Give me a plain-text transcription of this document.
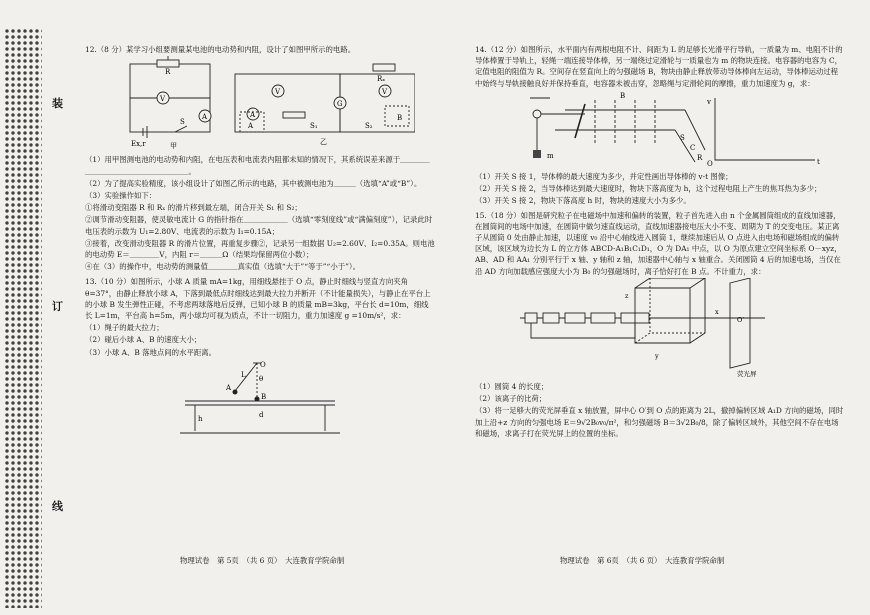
装
订
线

12.（8 分）某学习小组要测量某电池的电动势和内阻，设计了如图甲所示的电路。

R
V
A
Ex,r
S
甲
V
G
V
A
A
B
S₁	S₂
Rₓ
乙

（1）用甲图测电池的电动势和内阻，在电压表和电流表内阻都未知的情况下，其系统误差来源于＿＿＿＿＿＿＿＿＿＿＿＿＿＿＿＿＿＿。

（2）为了提高实验精度，该小组设计了如图乙所示的电路，其中被测电池为＿＿＿（选填“A”或“B”）。

（3）实验操作如下：

①将滑动变阻器 R 和 Rₓ 的滑片移到最左端，闭合开关 S₁ 和 S₂；

②调节滑动变阻器，使灵敏电流计 G 的指针指在＿＿＿＿＿＿（选填“零刻度线”或“满偏刻度”），记录此时电压表的示数为 U₁=2.80V、电流表的示数为 I₁=0.15A；

③接着，改变滑动变阻器 R 的滑片位置，再重复步骤②，记录另一组数据 U₂=2.60V、I₂=0.35A。则电池的电动势 E＝＿＿＿＿V，内阻 r＝＿＿＿Ω（结果均保留两位小数）；

④在（3）的操作中，电动势的测量值＿＿＿＿真实值（选填“大于”“等于”“小于”）。

13.（10 分）如图所示，小球 A 质量 mA=1kg，用细线悬挂于 O 点，静止时细线与竖直方向夹角 θ=37°，由静止释放小球 A，下落到最低点时细线达到最大拉力并断开（不计能量损失），与静止在平台上的小球 B 发生弹性正碰，不考虑两球落地后反弹，已知小球 B 的质量 mB=3kg，平台长 d=10m，细线长 L=1m，平台高 h=5m，两小球均可视为质点，不计一切阻力，重力加速度 g =10m/s²，求：

（1）绳子的最大拉力；

（2）碰后小球 A、B 的速度大小；

（3）小球 A、B 落地点间的水平距离。

O
A
B
L θ
d
h
物理试卷　第 5页　（共 6 页）　大连教育学院命制

14.（12 分）如图所示，水平面内有两根电阻不计、间距为 L 的足够长光滑平行导轨，一质量为 m、电阻不计的导体棒置于导轨上，轻绳一端连接导体棒，另一端绕过定滑轮与一质量也为 m 的物块连接。电容器的电容为 C，定值电阻的阻值为 R。空间存在竖直向上的匀强磁场 B，物块由静止释放带动导体棒向左运动，导体棒运动过程中始终与导轨接触良好并保持垂直，电容器未被击穿，忽略绳与定滑轮间的摩擦，重力加速度为 g，求：

m
B
S
C
R
v
t
O

（1）开关 S 接 1，导体棒的最大速度为多少，并定性画出导体棒的 v-t 图像；

（2）开关 S 接 2，当导体棒达到最大速度时，物块下落高度为 h，这个过程电阻上产生的焦耳热为多少；

（3）开关 S 接 2，物块下落高度 h 时，物块的速度大小为多少。

15.（18 分）如图是研究粒子在电磁场中加速和偏转的装置，粒子首先进入由 n 个金属圆筒组成的直线加速器，在圆筒间的电场中加速，在圆筒中做匀速直线运动，直线加速器接电压大小不变、周期为 T 的交变电压。某正离子从圆筒 0 处由静止加速，以速度 v₀ 沿中心轴线进入圆筒 1，继续加速后从 O 点进入由电场和磁场组成的偏转区域，该区域为边长为 L 的立方体 ABCD-A₁B₁C₁D₁，O 为 DA₁ 中点，以 O 为原点建立空间坐标系 O－xyz，AB、AD 和 AA₁ 分别平行于 x 轴、y 轴和 z 轴，加速器中心轴与 x 轴重合。关闭圆筒 4 后的加速电场，当仅在沿 AD 方向加载感应强度大小为 B₀ 的匀强磁场时，离子恰好打在 B 点。不计重力，求：

O′
z
x
y
荧光屏

（1）圆筒 4 的长度；

（2）该离子的比荷；

（3）将一足够大的荧光屏垂直 x 轴放置，屏中心 O′到 O 点的距离为 2L，撤掉偏转区域 A₁D 方向的磁场，同时加上沿+z 方向的匀强电场 E＝9√2B₀v₀/π²，和匀强磁场 B＝3√2B₀/8，除了偏转区域外，其他空间不存在电场和磁场，求离子打在荧光屏上的位置的坐标。

物理试卷　第 6页　（共 6 页）　大连教育学院命制
